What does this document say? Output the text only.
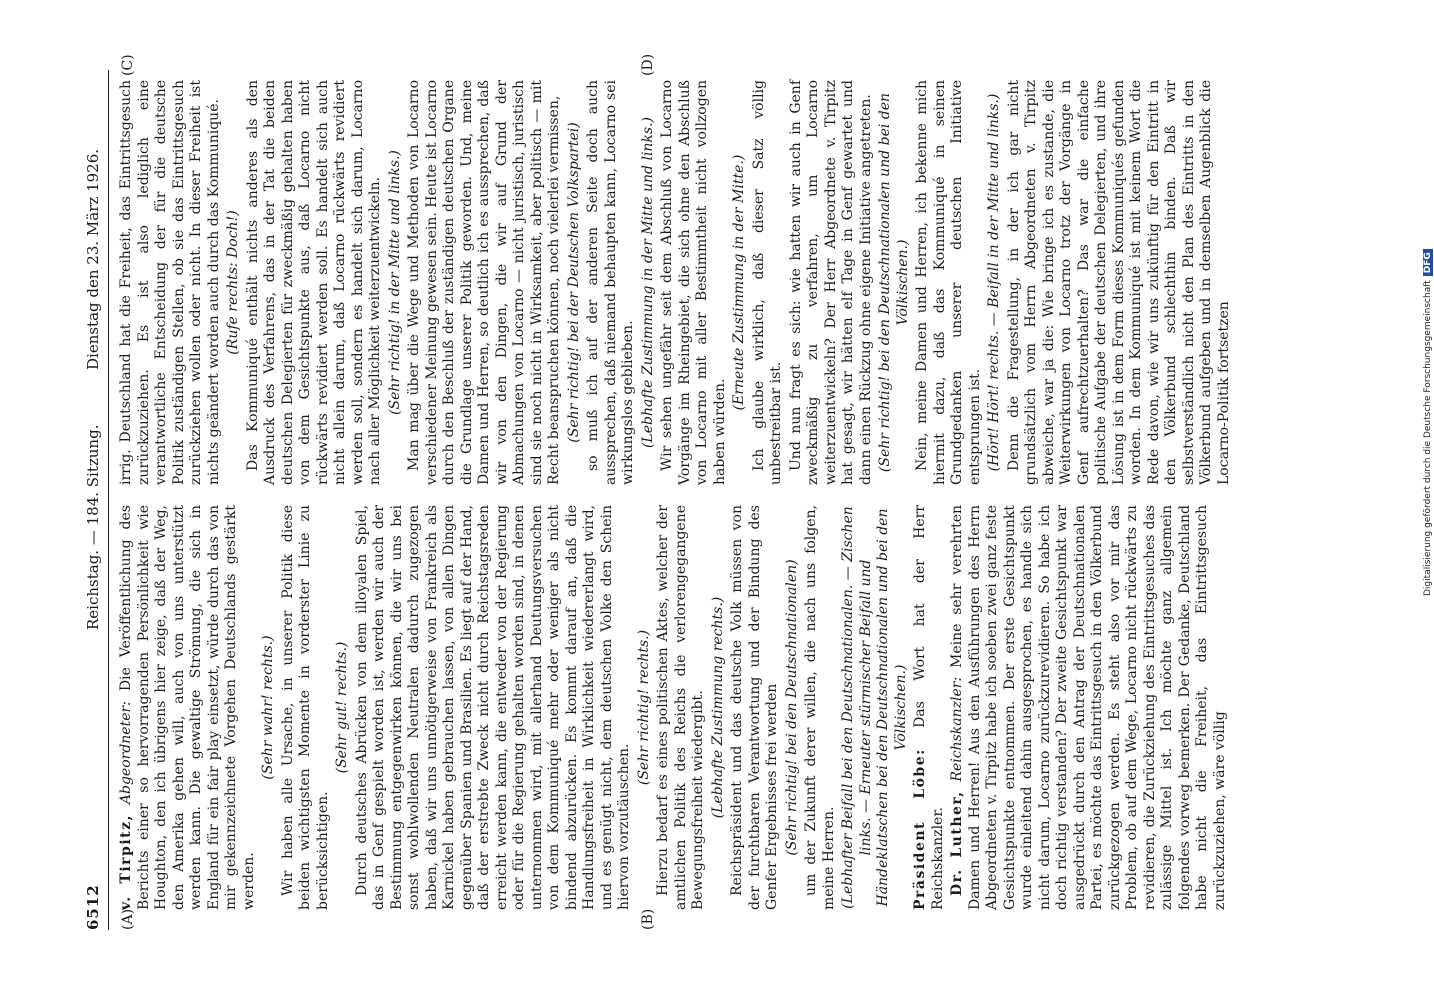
6512
Reichstag. — 184. Sitzung.
Dienstag den 23. März 1926.
(A)	(B)
(C)	(D)

v. Tirpitz, Abgeordneter: Die Veröffentlichung des Berichts einer so hervorragenden Persönlichkeit wie Houghton, den ich übrigens hier zeige, daß der Weg, den Amerika gehen will, auch von uns unterstützt werden kann. Die gewaltige Strömung, die sich in England für ein fair play einsetzt, würde durch das von mir gekennzeichnete Vorgehen Deutschlands gestärkt werden.

(Sehr wahr! rechts.) Wir haben alle Ursache, in unserer Politik diese beiden wichtigsten Momente in vorderster Linie zu berücksichtigen.

(Sehr gut! rechts.) Durch deutsches Abrücken von dem illoyalen Spiel, das in Genf gespielt worden ist, werden wir auch der Bestimmung entgegenwirken können, die wir uns bei sonst wohlwollenden Neutralen dadurch zugezogen haben, daß wir uns unnötigerweise von Frankreich als Karnickel haben gebrauchen lassen, von allen Dingen gegenüber Spanien und Brasilien. Es liegt auf der Hand, daß der erstrebte Zweck nicht durch Reichstagsreden erreicht werden kann, die entweder von der Regierung oder für die Regierung gehalten worden sind, in denen unternommen wird, mit allerhand Deutungsversuchen von dem Kommuniqué mehr oder weniger als nicht bindend abzurücken. Es kommt darauf an, daß die Handlungsfreiheit in Wirklichkeit wiedererlangt wird, und es genügt nicht, dem deutschen Volke den Schein hiervon vorzutäuschen.

(Sehr richtig! rechts.) Hierzu bedarf es eines politischen Aktes, welcher der amtlichen Politik des Reichs die verlorengegangene Bewegungsfreiheit wiedergibt. (Lebhafte Zustimmung rechts.) Reichspräsident und das deutsche Volk müssen von der furchtbaren Verantwortung und der Bindung des Genfer Ergebnisses frei werden (Sehr richtig! bei den Deutschnationalen) um der Zukunft derer willen, die nach uns folgen, meine Herren. (Lebhafter Beifall bei den Deutschnationalen. — Zischen links. — Erneuter stürmischer Beifall und Händeklatschen bei den Deutschnationalen und bei den Völkischen.)

Präsident Löbe: Das Wort hat der Herr Reichskanzler. Dr. Luther, Reichskanzler: Meine sehr verehrten Damen und Herren! Aus den Ausführungen des Herrn Abgeordneten v. Tirpitz habe ich soeben zwei ganz feste Gesichtspunkte entnommen. Der erste Gesichtspunkt wurde einleitend dahin ausgesprochen, es handle sich nicht darum, Locarno zurückzurevidieren. So habe ich doch richtig verstanden? Der zweite Gesichtspunkt war ausgedrückt durch den Antrag der Deutschnationalen Partei, es möchte das Eintrittsgesuch in den Völkerbund zurückgezogen werden. Es steht also vor mir das Problem, ob auf dem Wege, Locarno nicht rückwärts zu revidieren, die Zurückziehung des Eintrittsgesuches das zulässige Mittel ist. Ich möchte ganz allgemein folgendes vorweg bemerken. Der Gedanke, Deutschland habe nicht die Freiheit, das Eintrittsgesuch zurückzuziehen, wäre völlig

irrig. Deutschland hat die Freiheit, das Eintrittsgesuch zurückzuziehen. Es ist also lediglich eine verantwortliche Entscheidung der für die deutsche Politik zuständigen Stellen, ob sie das Eintrittsgesuch zurückziehen wollen oder nicht. In dieser Freiheit ist nichts geändert worden auch durch das Kommuniqué. (Rufe rechts: Doch!) Das Kommuniqué enthält nichts anderes als den Ausdruck des Verfahrens, das in der Tat die beiden deutschen Delegierten für zweckmäßig gehalten haben von dem Gesichtspunkte aus, daß Locarno nicht rückwärts revidiert werden soll. Es handelt sich auch nicht allein darum, daß Locarno rückwärts revidiert werden soll, sondern es handelt sich darum, Locarno nach aller Möglichkeit weiterzuentwickeln. (Sehr richtig! in der Mitte und links.) Man mag über die Wege und Methoden von Locarno verschiedener Meinung gewesen sein. Heute ist Locarno durch den Beschluß der zuständigen deutschen Organe die Grundlage unserer Politik geworden. Und, meine Damen und Herren, so deutlich ich es aussprechen, daß wir von den Dingen, die wir auf Grund der Abmachungen von Locarno — nicht juristisch, juristisch sind sie noch nicht in Wirksamkeit, aber politisch — mit Recht beanspruchen können, noch vielerlei vermissen, (Sehr richtig! bei der Deutschen Volkspartei) so muß ich auf der anderen Seite doch auch aussprechen, daß niemand behaupten kann, Locarno sei wirkungslos geblieben. (Lebhafte Zustimmung in der Mitte und links.) Wir sehen ungefähr seit dem Abschluß von Locarno Vorgänge im Rheingebiet, die sich ohne den Abschluß von Locarno mit aller Bestimmtheit nicht vollzogen haben würden.

(Erneute Zustimmung in der Mitte.) Ich glaube wirklich, daß dieser Satz völlig unbestreitbar ist. Und nun fragt es sich: wie hatten wir auch in Genf zweckmäßig zu verfahren, um Locarno weiterzuentwickeln? Der Herr Abgeordnete v. Tirpitz hat gesagt, wir hätten elf Tage in Genf gewartet und dann einen Rückzug ohne eigene Initiative angetreten. (Sehr richtig! bei den Deutschnationalen und bei den Völkischen.) Nein, meine Damen und Herren, ich bekenne mich hiermit dazu, daß das Kommuniqué in seinen Grundgedanken unserer deutschen Initiative entsprungen ist. (Hört! Hört! rechts. — Beifall in der Mitte und links.) Denn die Fragestellung, in der ich gar nicht grundsätzlich vom Herrn Abgeordneten v. Tirpitz abweiche, war ja die: Wie bringe ich es zustande, die Weiterwirkungen von Locarno trotz der Vorgänge in Genf aufrechtzuerhalten? Das war die einfache politische Aufgabe der deutschen Delegierten, und ihre Lösung ist in dem Form dieses Kommuniqués gefunden worden. In dem Kommuniqué ist mit keinem Wort die Rede davon, wie wir uns zukünftig für den Eintritt in den Völkerbund schlechthin binden. Daß wir selbstverständlich nicht den Plan des Eintritts in den Völkerbund aufgeben und in demselben Augenblick die Locarno-Politik fortsetzen	Digitalisierung gefördert durch die Deutsche ForschungsgemeinschaftDFG
